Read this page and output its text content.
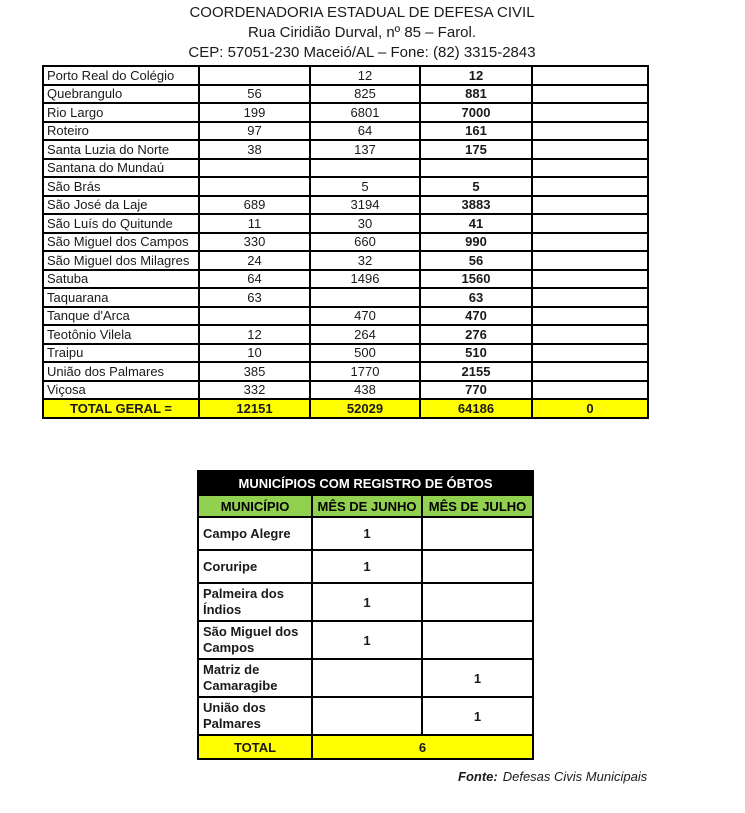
COORDENADORIA ESTADUAL DE DEFESA CIVIL
Rua Ciridião Durval, nº 85 – Farol.
CEP: 57051-230 Maceió/AL – Fone: (82) 3315-2843
Porto Real do Colégio		12	12	
Quebrangulo	56	825	881	
Rio Largo	199	6801	7000	
Roteiro	97	64	161	
Santa Luzia do Norte	38	137	175	
Santana do Mundaú				
São Brás		5	5	
São José da Laje	689	3194	3883	
São Luís do Quitunde	11	30	41	
São Miguel dos Campos	330	660	990	
São Miguel dos Milagres	24	32	56	
Satuba	64	1496	1560	
Taquarana	63		63	
Tanque d'Arca		470	470	
Teotônio Vilela	12	264	276	
Traipu	10	500	510	
União dos Palmares	385	1770	2155	
Viçosa	332	438	770	
TOTAL GERAL =	12151	52029	64186	0
MUNICÍPIOS COM REGISTRO DE ÓBTOS		
MUNICÍPIO	MÊS DE JUNHO	MÊS DE JULHO
Campo Alegre	1	
Coruripe	1	
Palmeira dos Índios	1	
São Miguel dos Campos	1	
Matriz de Camaragibe		1
União dos Palmares		1
TOTAL	6	
Fonte: Defesas Civis Municipais
